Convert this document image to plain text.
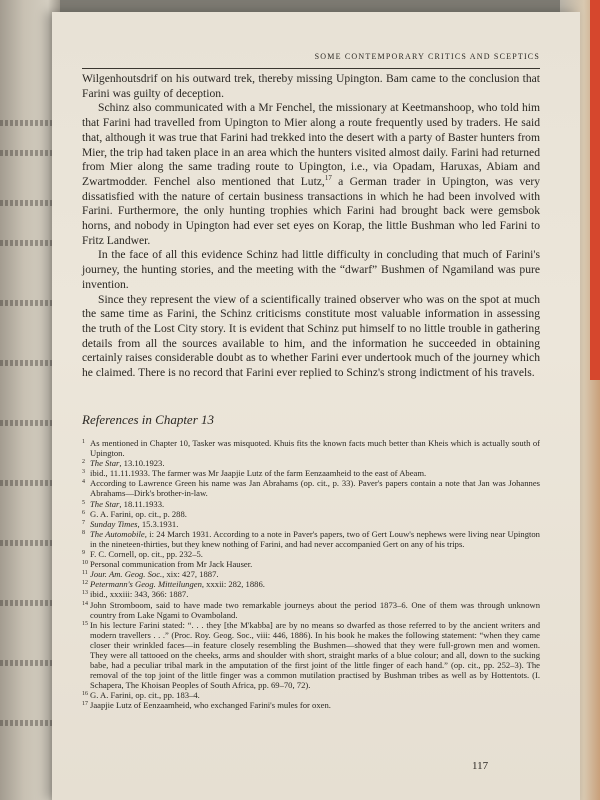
SOME CONTEMPORARY CRITICS AND SCEPTICS

Wilgenhoutsdrif on his outward trek, thereby missing Upington. Bam came to the conclusion that Farini was guilty of deception.

Schinz also communicated with a Mr Fenchel, the missionary at Keetmanshoop, who told him that Farini had travelled from Upington to Mier along a route frequently used by traders. He said that, although it was true that Farini had trekked into the desert with a party of Baster hunters from Mier, the trip had taken place in an area which the hunters visited almost daily. Farini had returned from Mier along the same trading route to Upington, i.e., via Opadam, Haruxas, Abiam and Zwartmodder. Fenchel also mentioned that Lutz,$^{17}$ a German trader in Upington, was very dissatisfied with the nature of certain business transactions in which he had been involved with Farini. Furthermore, the only hunting trophies which Farini had brought back were gemsbok horns, and nobody in Upington had ever set eyes on Korap, the little Bushman who led Farini to Fritz Landwer.

In the face of all this evidence Schinz had little difficulty in concluding that much of Farini's journey, the hunting stories, and the meeting with the “dwarf” Bushmen of Ngamiland was pure invention.

Since they represent the view of a scientifically trained observer who was on the spot at much the same time as Farini, the Schinz criticisms constitute most valuable information in assessing the truth of the Lost City story. It is evident that Schinz put himself to no little trouble in gathering details from all the sources available to him, and the information he succeeded in obtaining certainly raises considerable doubt as to whether Farini ever undertook much of the journey which he claimed. There is no record that Farini ever replied to Schinz's strong indictment of his travels.

References in Chapter 13
1 As mentioned in Chapter 10, Tasker was misquoted. Khuis fits the known facts much better than Kheis which is actually south of Upington.
2 The Star, 13.10.1923.
3 ibid., 11.11.1933. The farmer was Mr Jaapjie Lutz of the farm Eenzaamheid to the east of Abeam.
4 According to Lawrence Green his name was Jan Abrahams (op. cit., p. 33). Paver's papers contain a note that Jan was Johannes Abrahams—Dirk's brother-in-law.
5 The Star, 18.11.1933.
6 G. A. Farini, op. cit., p. 288.
7 Sunday Times, 15.3.1931.
8 The Automobile, i: 24 March 1931. According to a note in Paver's papers, two of Gert Louw's nephews were living near Upington in the nineteen-thirties, but they knew nothing of Farini, and had never accompanied Gert on any of his trips.
9 F. C. Cornell, op. cit., pp. 232–5.
10 Personal communication from Mr Jack Hauser.
11 Jour. Am. Geog. Soc., xix: 427, 1887.
12 Petermann's Geog. Mitteilungen, xxxii: 282, 1886.
13 ibid., xxxiii: 343, 366: 1887.
14 John Stromboom, said to have made two remarkable journeys about the period 1873–6. One of them was through unknown country from Lake Ngami to Ovamboland.
15 In his lecture Farini stated: “. . . they [the M'kabba] are by no means so dwarfed as those referred to by the ancient writers and modern travellers . . .” (Proc. Roy. Geog. Soc., viii: 446, 1886). In his book he makes the following statement: “when they came closer their wrinkled faces—in feature closely resembling the Bushmen—showed that they were full-grown men and women. They were all tattooed on the cheeks, arms and shoulder with short, straight marks of a blue colour; and all, down to the sucking babe, had a peculiar tribal mark in the amputation of the first joint of the little finger of each hand.” (op. cit., pp. 252–3). The removal of the top joint of the little finger was a common mutilation practised by Bushman tribes as well as by Hottentots. (I. Schapera, The Khoisan Peoples of South Africa, pp. 69–70, 72).
16 G. A. Farini, op. cit., pp. 183–4.
17 Jaapjie Lutz of Eenzaamheid, who exchanged Farini's mules for oxen.
117
